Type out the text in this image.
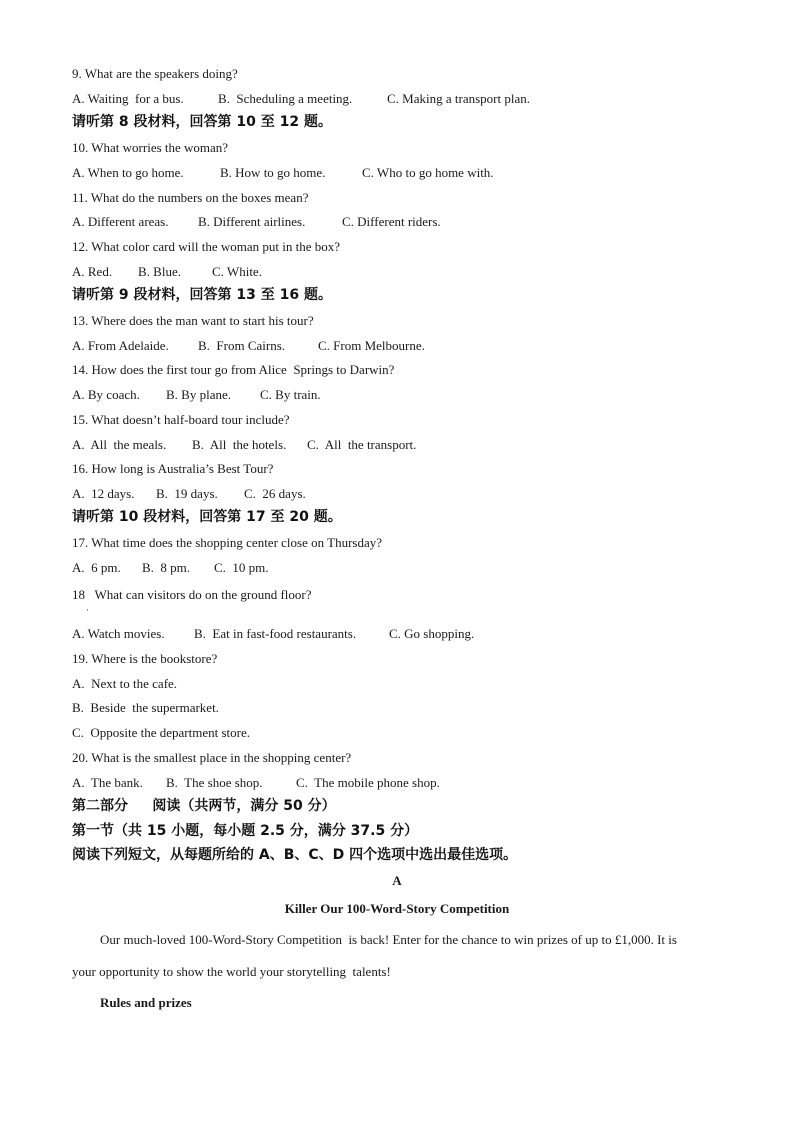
9. What are the speakers doing?
A. Waiting  for a bus.	B.  Scheduling a meeting.	C. Making a transport plan.
请听第 8 段材料，回答第 10 至 12 题。
10. What worries the woman?
A. When to go home.	B. How to go home.	C. Who to go home with.
11. What do the numbers on the boxes mean?
A. Different areas. B. Different airlines.	C. Different riders.
12. What color card will the woman put in the box?
A. Red. B. Blue. C. White.
请听第 9 段材料，回答第 13 至 16 题。
13. Where does the man want to start his tour?
A. From Adelaide. B.  From Cairns.	C. From Melbourne.
14. How does the first tour go from Alice  Springs to Darwin?
A. By coach. B. By plane. C. By train.
15. What doesn’t half-board tour include?
A.  All  the meals. B.  All  the hotels. C.  All  the transport.
16. How long is Australia’s Best Tour?
A.  12 days. B.  19 days. C.  26 days.
请听第 10 段材料，回答第 17 至 20 题。
17. What time does the shopping center close on Thursday?
A.  6 pm. B.  8 pm. C.  10 pm.
18   What can visitors do on the ground floor?
·
A. Watch movies. B.  Eat in fast-food restaurants.	C. Go shopping.
19. Where is the bookstore?
A.  Next to the cafe.
B.  Beside  the supermarket.
C.  Opposite the department store.
20. What is the smallest place in the shopping center?
A.  The bank. B.  The shoe shop.	C.  The mobile phone shop.
第二部分     阅读（共两节，满分 50 分）
第一节（共 15 小题，每小题 2.5 分，满分 37.5 分）
阅读下列短文，从每题所给的 A、B、C、D 四个选项中选出最佳选项。
A
Killer Our 100-Word-Story Competition
Our much-loved 100-Word-Story Competition  is back! Enter for the chance to win prizes of up to £1,000. It is
your opportunity to show the world your storytelling  talents!
Rules and prizes
